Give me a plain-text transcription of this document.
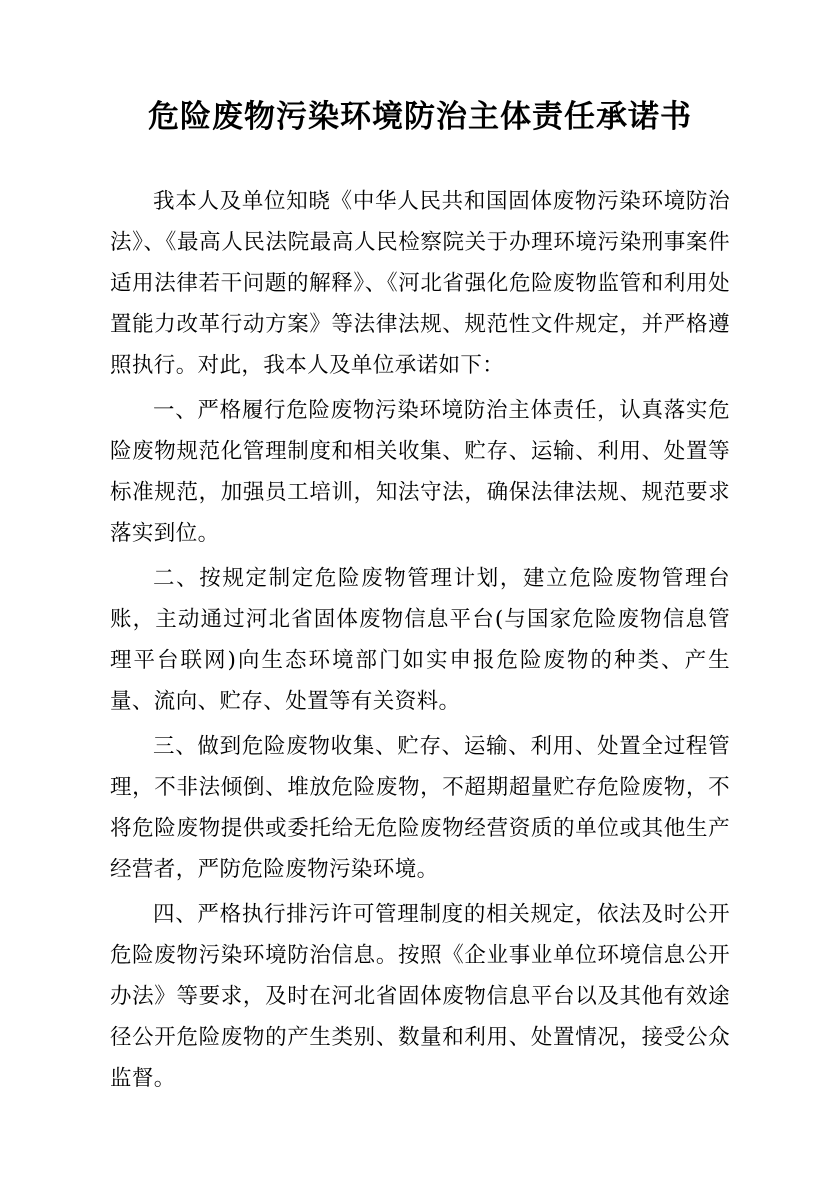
危险废物污染环境防治主体责任承诺书

我本人及单位知晓《中华人民共和国固体废物污染环境防治法》、《最高人民法院最高人民检察院关于办理环境污染刑事案件适用法律若干问题的解释》、《河北省强化危险废物监管和利用处置能力改革行动方案》等法律法规、规范性文件规定，并严格遵照执行。对此，我本人及单位承诺如下：

一、严格履行危险废物污染环境防治主体责任，认真落实危险废物规范化管理制度和相关收集、贮存、运输、利用、处置等标准规范，加强员工培训，知法守法，确保法律法规、规范要求落实到位。

二、按规定制定危险废物管理计划，建立危险废物管理台账，主动通过河北省固体废物信息平台(与国家危险废物信息管理平台联网)向生态环境部门如实申报危险废物的种类、产生量、流向、贮存、处置等有关资料。

三、做到危险废物收集、贮存、运输、利用、处置全过程管理，不非法倾倒、堆放危险废物，不超期超量贮存危险废物，不将危险废物提供或委托给无危险废物经营资质的单位或其他生产经营者，严防危险废物污染环境。

四、严格执行排污许可管理制度的相关规定，依法及时公开危险废物污染环境防治信息。按照《企业事业单位环境信息公开办法》等要求，及时在河北省固体废物信息平台以及其他有效途径公开危险废物的产生类别、数量和利用、处置情况，接受公众监督。
